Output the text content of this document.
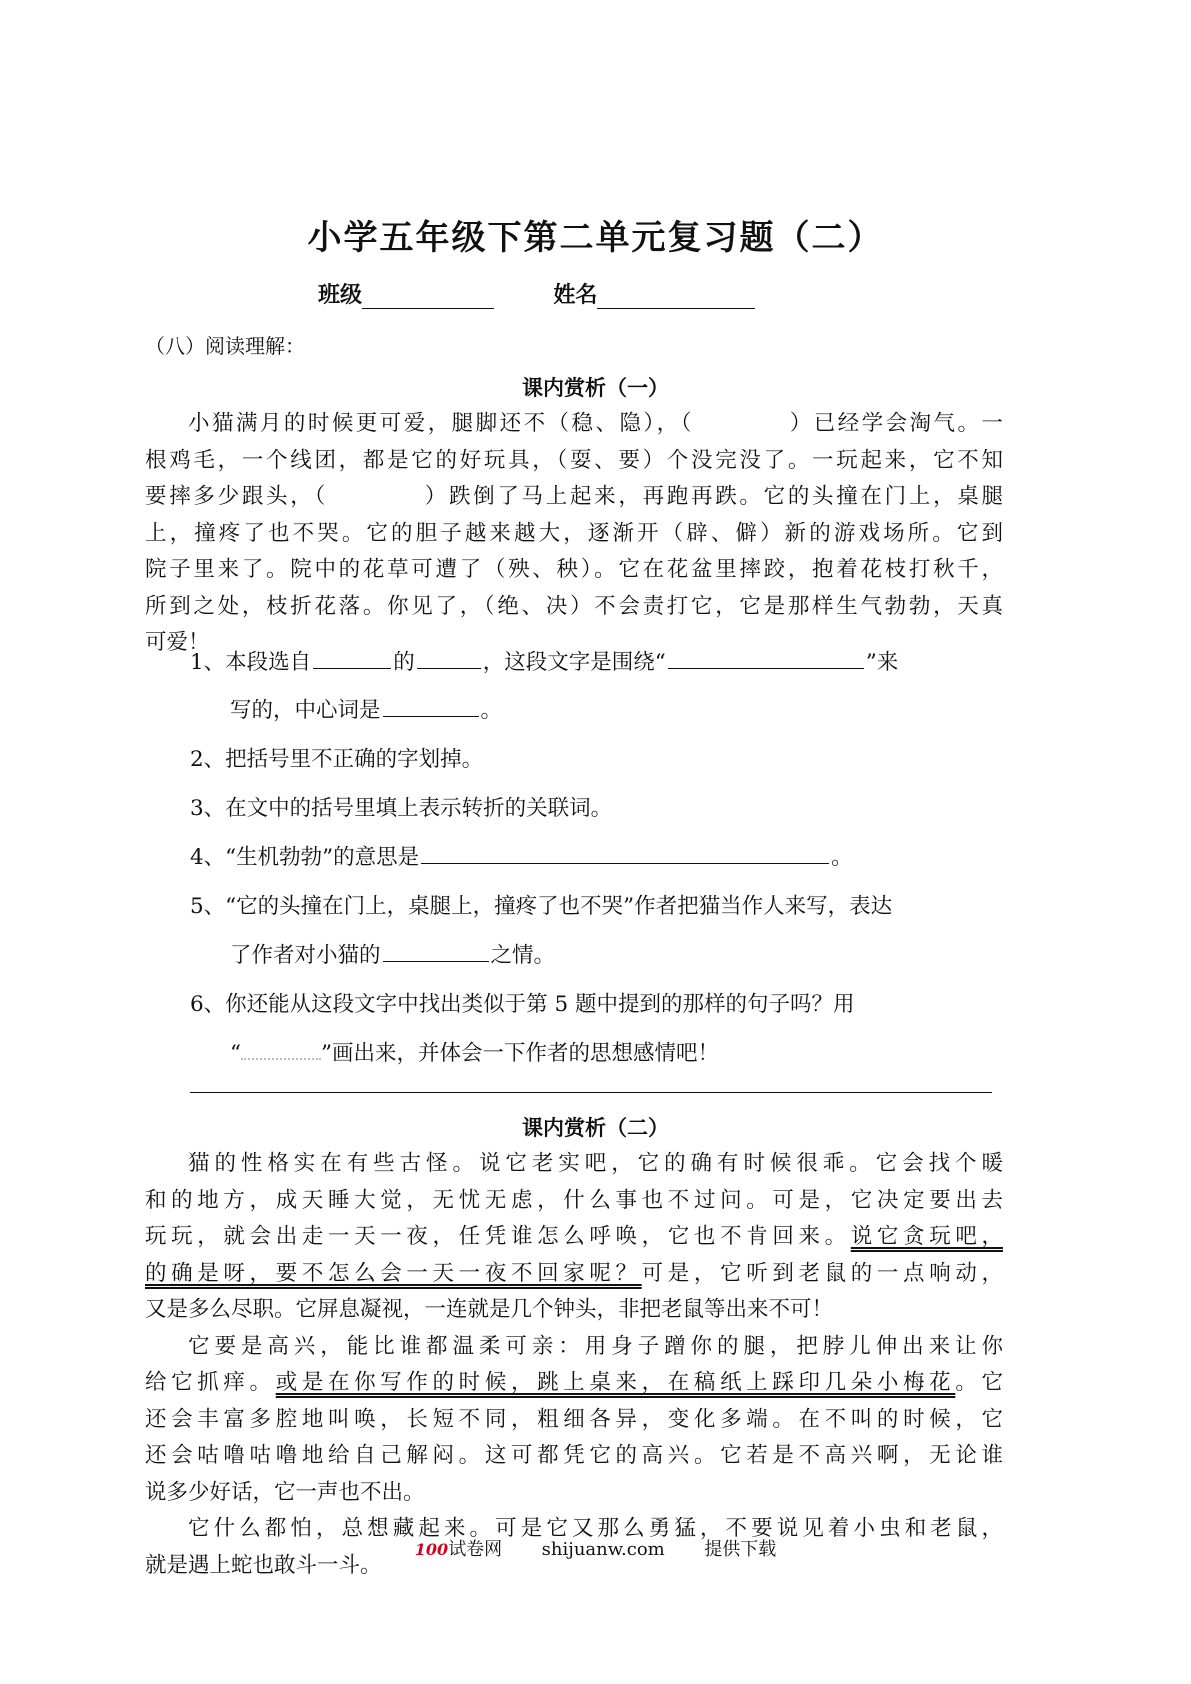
小学五年级下第二单元复习题（二）
班级	姓名
（八）阅读理解：
课内赏析（一）
小猫满月的时候更可爱，腿脚还不（稳、隐），（　　　　）已经学会淘气。一
根鸡毛，一个线团，都是它的好玩具，（耍、要）个没完没了。一玩起来，它不知
要摔多少跟头，（　　　　）跌倒了马上起来，再跑再跌。它的头撞在门上，桌腿
上，撞疼了也不哭。它的胆子越来越大，逐渐开（辟、僻）新的游戏场所。它到
院子里来了。院中的花草可遭了（殃、秧）。它在花盆里摔跤，抱着花枝打秋千，
所到之处，枝折花落。你见了，（绝、决）不会责打它，它是那样生气勃勃，天真
可爱！
1、本段选自	的	，这段文字是围绕“	”来
写的，中心词是	。
2、把括号里不正确的字划掉。
3、在文中的括号里填上表示转折的关联词。
4、“生机勃勃”的意思是	。
5、“它的头撞在门上，桌腿上，撞疼了也不哭”作者把猫当作人来写，表达
了作者对小猫的	之情。
6、你还能从这段文字中找出类似于第 5 题中提到的那样的句子吗？用
“	”画出来，并体会一下作者的思想感情吧！
课内赏析（二）
猫的性格实在有些古怪。说它老实吧，它的确有时候很乖。它会找个暖
和的地方，成天睡大觉，无忧无虑，什么事也不过问。可是，它决定要出去
玩玩，就会出走一天一夜，任凭谁怎么呼唤，它也不肯回来。说它贪玩吧，
的确是呀，要不怎么会一天一夜不回家呢？可是，它听到老鼠的一点响动，
又是多么尽职。它屏息凝视，一连就是几个钟头，非把老鼠等出来不可！
它要是高兴，能比谁都温柔可亲：用身子蹭你的腿，把脖儿伸出来让你
给它抓痒。或是在你写作的时候，跳上桌来，在稿纸上踩印几朵小梅花。它
还会丰富多腔地叫唤，长短不同，粗细各异，变化多端。在不叫的时候，它
还会咕噜咕噜地给自己解闷。这可都凭它的高兴。它若是不高兴啊，无论谁
说多少好话，它一声也不出。
它什么都怕，总想藏起来。可是它又那么勇猛，不要说见着小虫和老鼠，
就是遇上蛇也敢斗一斗。
100试卷网 shijuanw.com 提供下载
